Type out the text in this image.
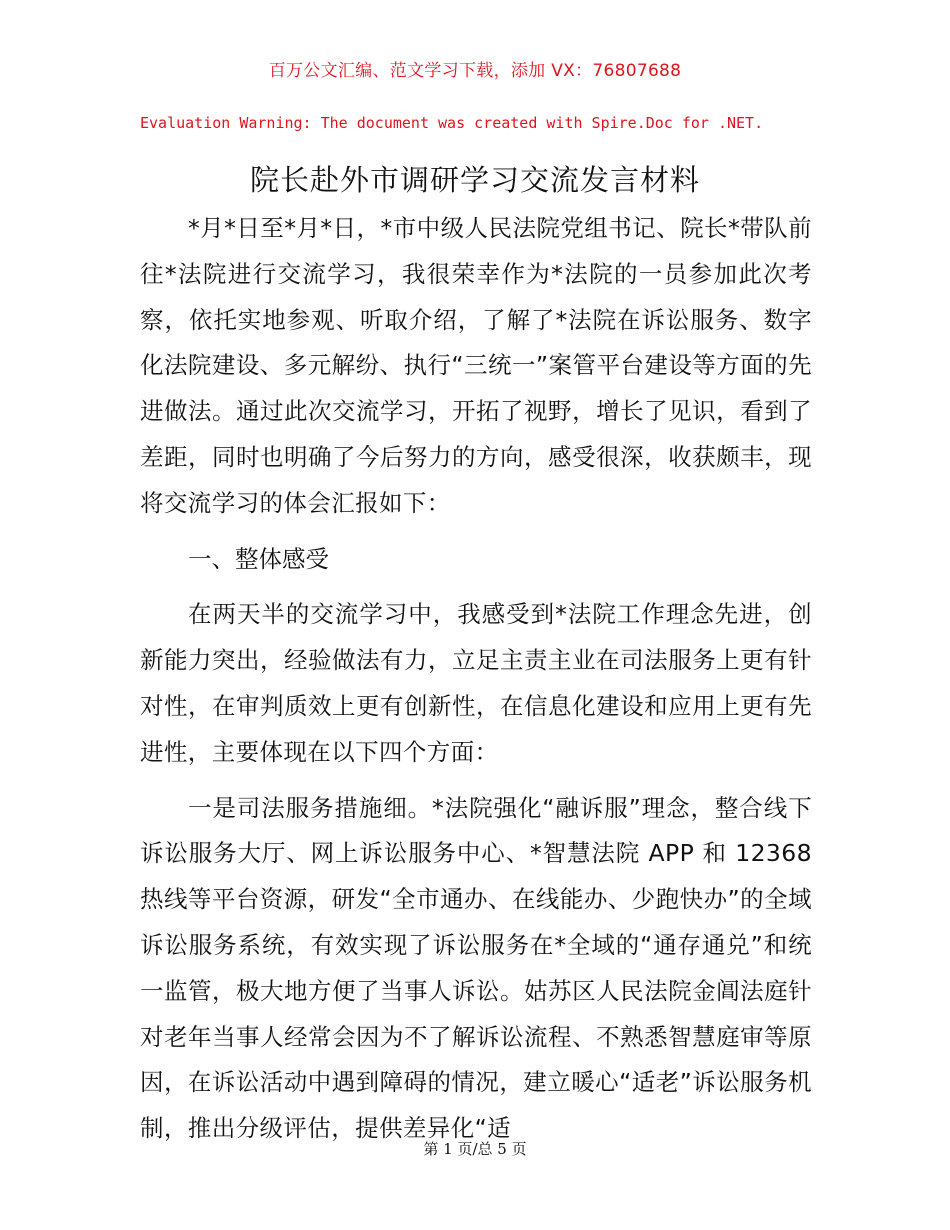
百万公文汇编、范文学习下载，添加 VX：76807688
Evaluation Warning: The document was created with Spire.Doc for .NET.
院长赴外市调研学习交流发言材料

*月*日至*月*日，*市中级人民法院党组书记、院长*带队前往*法院进行交流学习，我很荣幸作为*法院的一员参加此次考察，依托实地参观、听取介绍，了解了*法院在诉讼服务、数字化法院建设、多元解纷、执行“三统一”案管平台建设等方面的先进做法。通过此次交流学习，开拓了视野，增长了见识，看到了差距，同时也明确了今后努力的方向，感受很深，收获颇丰，现将交流学习的体会汇报如下：

一、整体感受

在两天半的交流学习中，我感受到*法院工作理念先进，创新能力突出，经验做法有力，立足主责主业在司法服务上更有针对性，在审判质效上更有创新性，在信息化建设和应用上更有先进性，主要体现在以下四个方面：

一是司法服务措施细。*法院强化“融诉服”理念，整合线下诉讼服务大厅、网上诉讼服务中心、*智慧法院 APP 和 12368 热线等平台资源，研发“全市通办、在线能办、少跑快办”的全域诉讼服务系统，有效实现了诉讼服务在*全域的“通存通兑”和统一监管，极大地方便了当事人诉讼。姑苏区人民法院金阊法庭针对老年当事人经常会因为不了解诉讼流程、不熟悉智慧庭审等原因，在诉讼活动中遇到障碍的情况，建立暖心“适老”诉讼服务机制，推出分级评估，提供差异化“适

第 1 页/总 5 页
